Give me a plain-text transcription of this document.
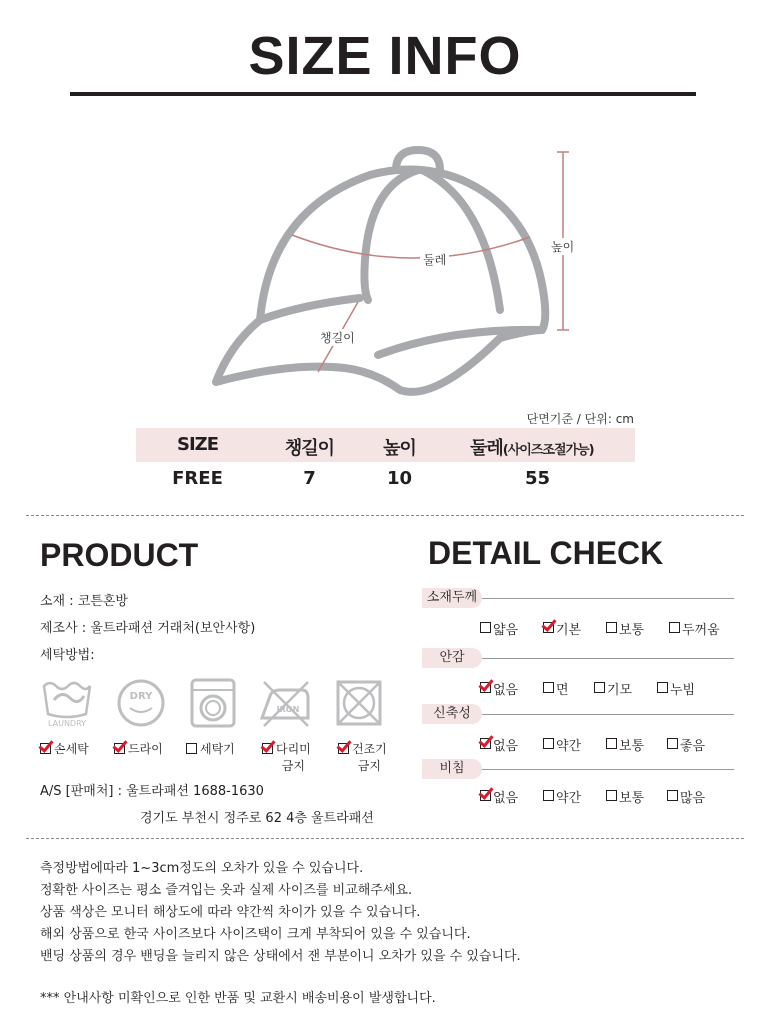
SIZE INFO
둘레
높이
챙길이
단면기준 / 단위: cm
SIZE	챙길이	높이	둘레 (사이즈조절가능)
FREE	7	10	55
PRODUCT
소재 : 코튼혼방
제조사 : 울트라패션 거래처(보안사항)
세탁방법:
LAUNDRY
DRY
IRON
손세탁	드라이	세탁기	다리미
금지
건조기
금지
A/S [판매처] : 울트라패션 1688-1630
경기도 부천시 정주로 62 4층 울트라패션
DETAIL CHECK
소재두께
얇음	기본	보통	두꺼움
안감
없음	면	기모	누빔
신축성
없음	약간	보통	좋음
비침
없음	약간	보통	많음
측정방법에따라 1~3cm정도의 오차가 있을 수 있습니다.
정확한 사이즈는 평소 즐겨입는 옷과 실제 사이즈를 비교해주세요.
상품 색상은 모니터 해상도에 따라 약간씩 차이가 있을 수 있습니다.
해외 상품으로 한국 사이즈보다 사이즈택이 크게 부착되어 있을 수 있습니다.
밴딩 상품의 경우 밴딩을 늘리지 않은 상태에서 잰 부분이니 오차가 있을 수 있습니다.
*** 안내사항 미확인으로 인한 반품 및 교환시 배송비용이 발생합니다.
